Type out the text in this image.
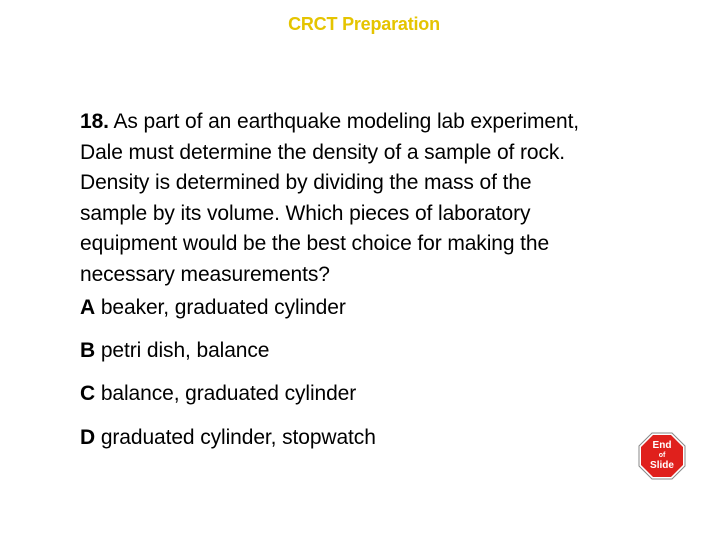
CRCT Preparation
18. As part of an earthquake modeling lab experiment,
Dale must determine the density of a sample of rock.
Density is determined by dividing the mass of the
sample by its volume. Which pieces of laboratory
equipment would be the best choice for making the
necessary measurements?
A beaker, graduated cylinder
B petri dish, balance
C balance, graduated cylinder
D graduated cylinder, stopwatch	End
of
Slide
